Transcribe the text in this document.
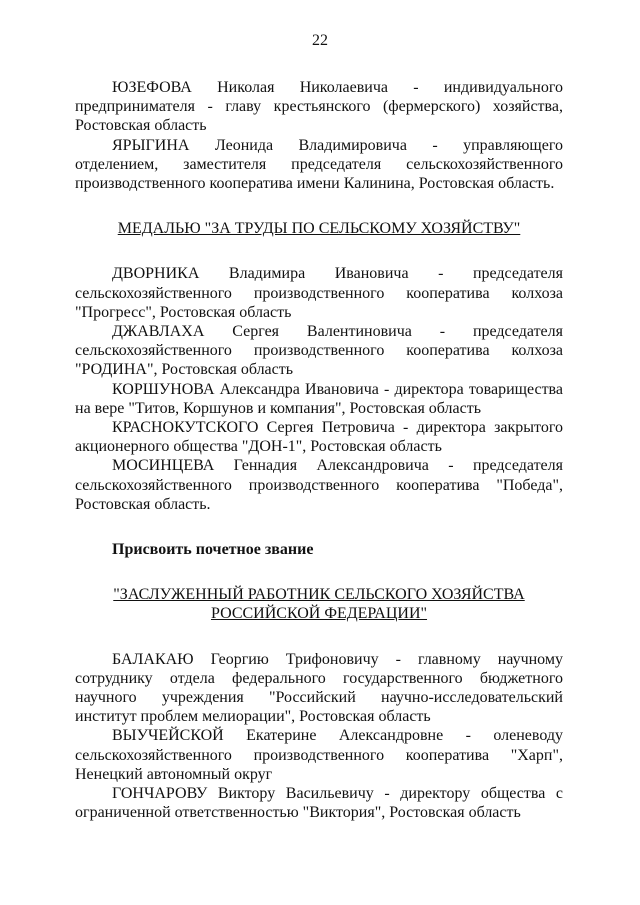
22

ЮЗЕФОВА Николая Николаевича - индивидуального предпринимателя - главу крестьянского (фермерского) хозяйства, Ростовская область

ЯРЫГИНА Леонида Владимировича - управляющего отделением, заместителя председателя сельскохозяйственного производственного кооператива имени Калинина, Ростовская область.

МЕДАЛЬЮ "ЗА ТРУДЫ ПО СЕЛЬСКОМУ ХОЗЯЙСТВУ"

ДВОРНИКА Владимира Ивановича - председателя сельскохозяйственного производственного кооператива колхоза "Прогресс", Ростовская область

ДЖАВЛАХА Сергея Валентиновича - председателя сельскохозяйственного производственного кооператива колхоза "РОДИНА", Ростовская область

КОРШУНОВА Александра Ивановича - директора товарищества на вере "Титов, Коршунов и компания", Ростовская область

КРАСНОКУТСКОГО Сергея Петровича - директора закрытого акционерного общества "ДОН-1", Ростовская область

МОСИНЦЕВА Геннадия Александровича - председателя сельскохозяйственного производственного кооператива "Победа", Ростовская область.

Присвоить почетное звание

"ЗАСЛУЖЕННЫЙ РАБОТНИК СЕЛЬСКОГО ХОЗЯЙСТВА

РОССИЙСКОЙ ФЕДЕРАЦИИ"

БАЛАКАЮ Георгию Трифоновичу - главному научному сотруднику отдела федерального государственного бюджетного научного учреждения "Российский научно-исследовательский институт проблем мелиорации", Ростовская область

ВЫУЧЕЙСКОЙ Екатерине Александровне - оленеводу сельскохозяйственного производственного кооператива "Харп", Ненецкий автономный округ

ГОНЧАРОВУ Виктору Васильевичу - директору общества с ограниченной ответственностью "Виктория", Ростовская область
